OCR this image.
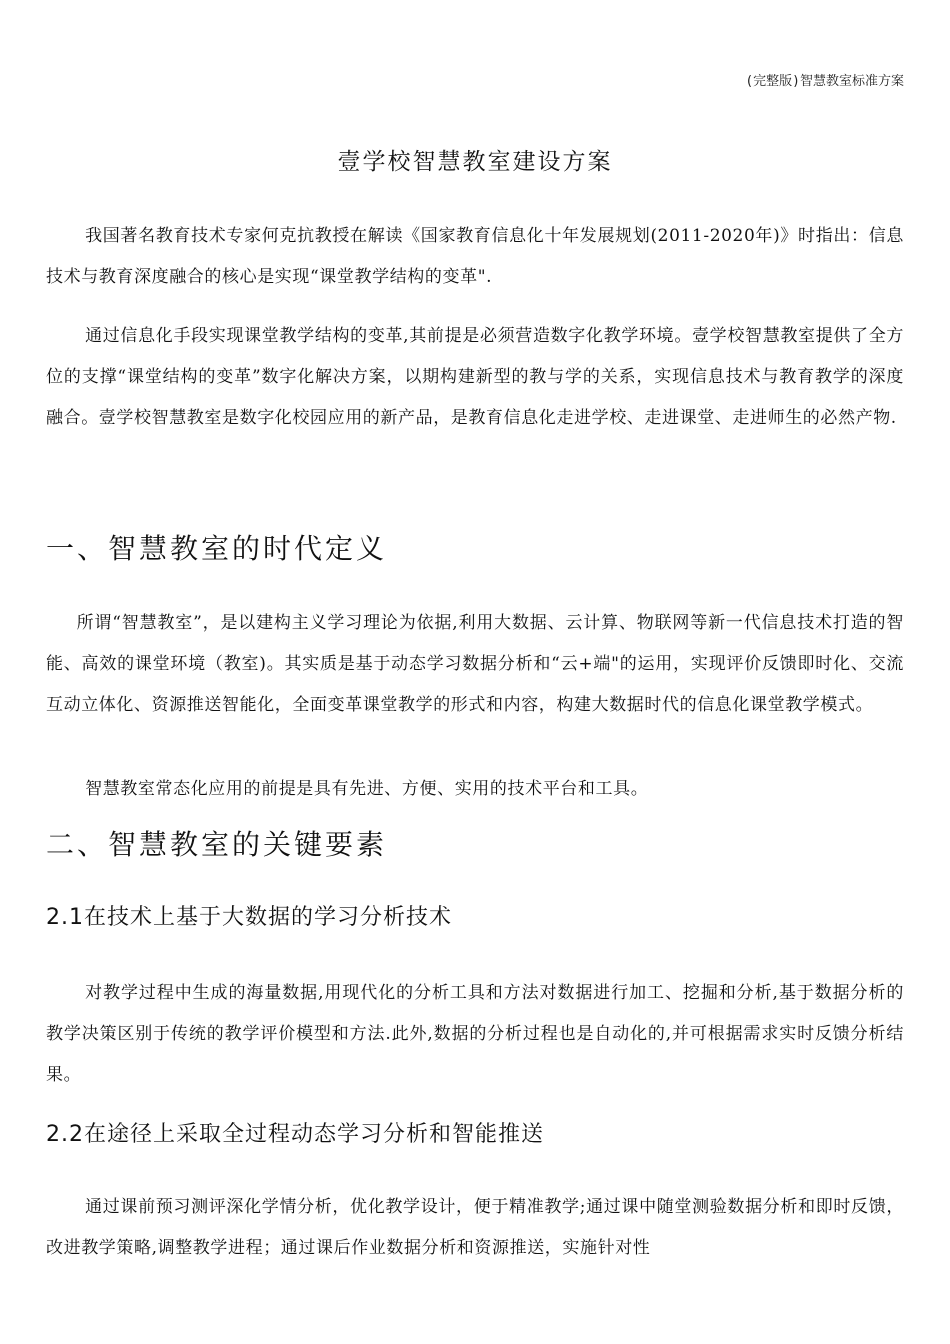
(完整版)智慧教室标准方案
壹学校智慧教室建设方案

我国著名教育技术专家何克抗教授在解读《国家教育信息化十年发展规划(2011-2020年)》时指出：信息技术与教育深度融合的核心是实现“课堂教学结构的变革".

通过信息化手段实现课堂教学结构的变革,其前提是必须营造数字化教学环境。壹学校智慧教室提供了全方位的支撑“课堂结构的变革”数字化解决方案，以期构建新型的教与学的关系，实现信息技术与教育教学的深度融合。壹学校智慧教室是数字化校园应用的新产品，是教育信息化走进学校、走进课堂、走进师生的必然产物.

一、智慧教室的时代定义

所谓“智慧教室”，是以建构主义学习理论为依据,利用大数据、云计算、物联网等新一代信息技术打造的智能、高效的课堂环境（教室)。其实质是基于动态学习数据分析和“云+端"的运用，实现评价反馈即时化、交流互动立体化、资源推送智能化，全面变革课堂教学的形式和内容，构建大数据时代的信息化课堂教学模式。

智慧教室常态化应用的前提是具有先进、方便、实用的技术平台和工具。

二、智慧教室的关键要素
2.1在技术上基于大数据的学习分析技术

对教学过程中生成的海量数据,用现代化的分析工具和方法对数据进行加工、挖掘和分析,基于数据分析的教学决策区别于传统的教学评价模型和方法.此外,数据的分析过程也是自动化的,并可根据需求实时反馈分析结果。

2.2在途径上采取全过程动态学习分析和智能推送

通过课前预习测评深化学情分析，优化教学设计，便于精准教学;通过课中随堂测验数据分析和即时反馈，改进教学策略,调整教学进程；通过课后作业数据分析和资源推送，实施针对性
